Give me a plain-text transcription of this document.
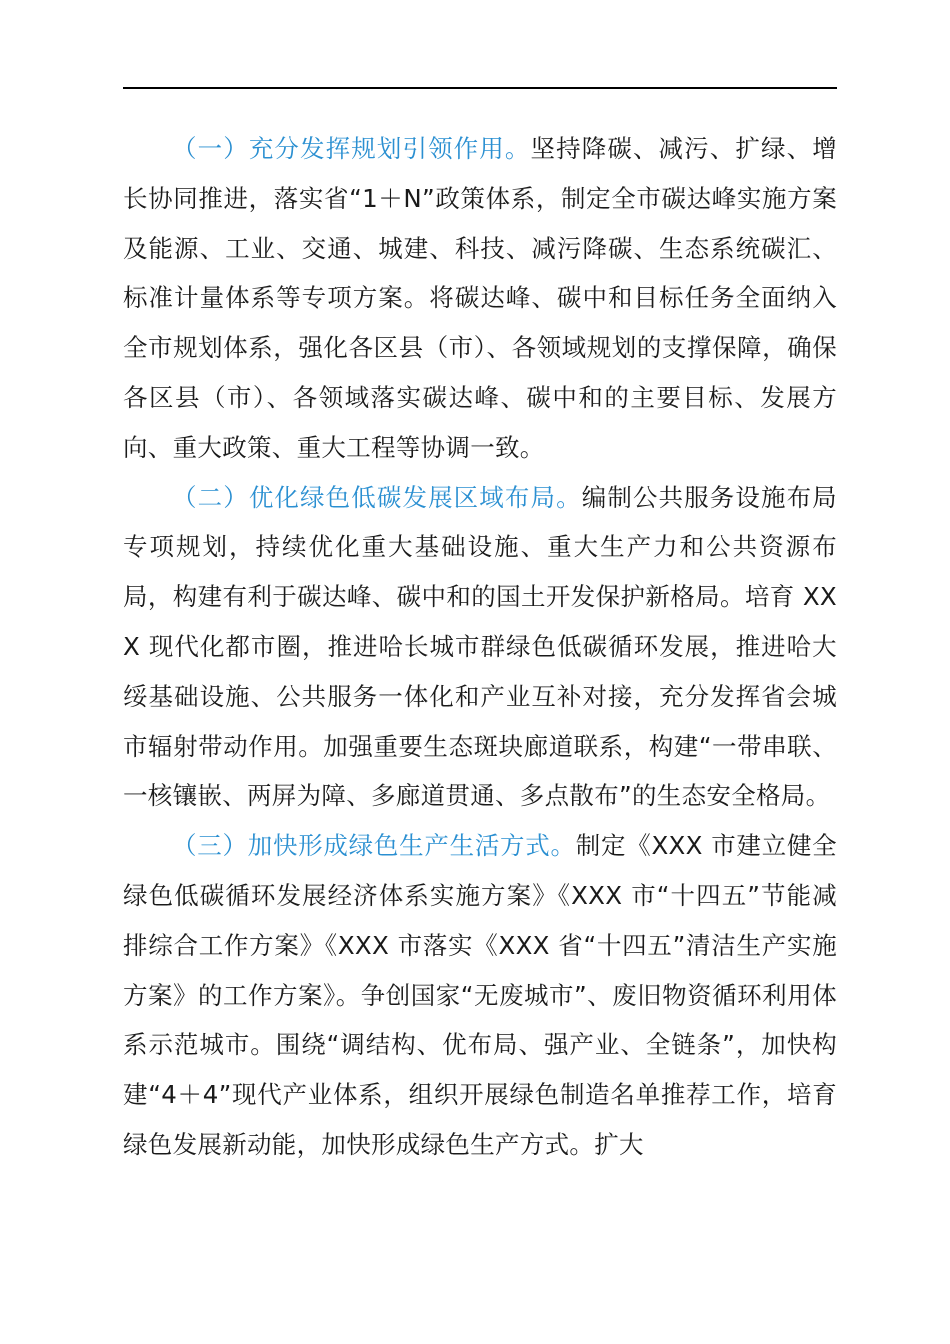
（一）充分发挥规划引领作用。坚持降碳、减污、扩绿、增长协同推进，落实省“1＋N”政策体系，制定全市碳达峰实施方案及能源、工业、交通、城建、科技、减污降碳、生态系统碳汇、标准计量体系等专项方案。将碳达峰、碳中和目标任务全面纳入全市规划体系，强化各区县（市）、各领域规划的支撑保障，确保各区县（市）、各领域落实碳达峰、碳中和的主要目标、发展方向、重大政策、重大工程等协调一致。

（二）优化绿色低碳发展区域布局。编制公共服务设施布局专项规划，持续优化重大基础设施、重大生产力和公共资源布局，构建有利于碳达峰、碳中和的国土开发保护新格局。培育 XXX 现代化都市圈，推进哈长城市群绿色低碳循环发展，推进哈大绥基础设施、公共服务一体化和产业互补对接，充分发挥省会城市辐射带动作用。加强重要生态斑块廊道联系，构建“一带串联、一核镶嵌、两屏为障、多廊道贯通、多点散布”的生态安全格局。

（三）加快形成绿色生产生活方式。制定《XXX 市建立健全绿色低碳循环发展经济体系实施方案》《XXX 市“十四五”节能减排综合工作方案》《XXX 市落实《XXX 省“十四五”清洁生产实施方案》的工作方案》。争创国家“无废城市”、废旧物资循环利用体系示范城市。围绕“调结构、优布局、强产业、全链条”，加快构建“4＋4”现代产业体系，组织开展绿色制造名单推荐工作，培育绿色发展新动能，加快形成绿色生产方式。扩大
